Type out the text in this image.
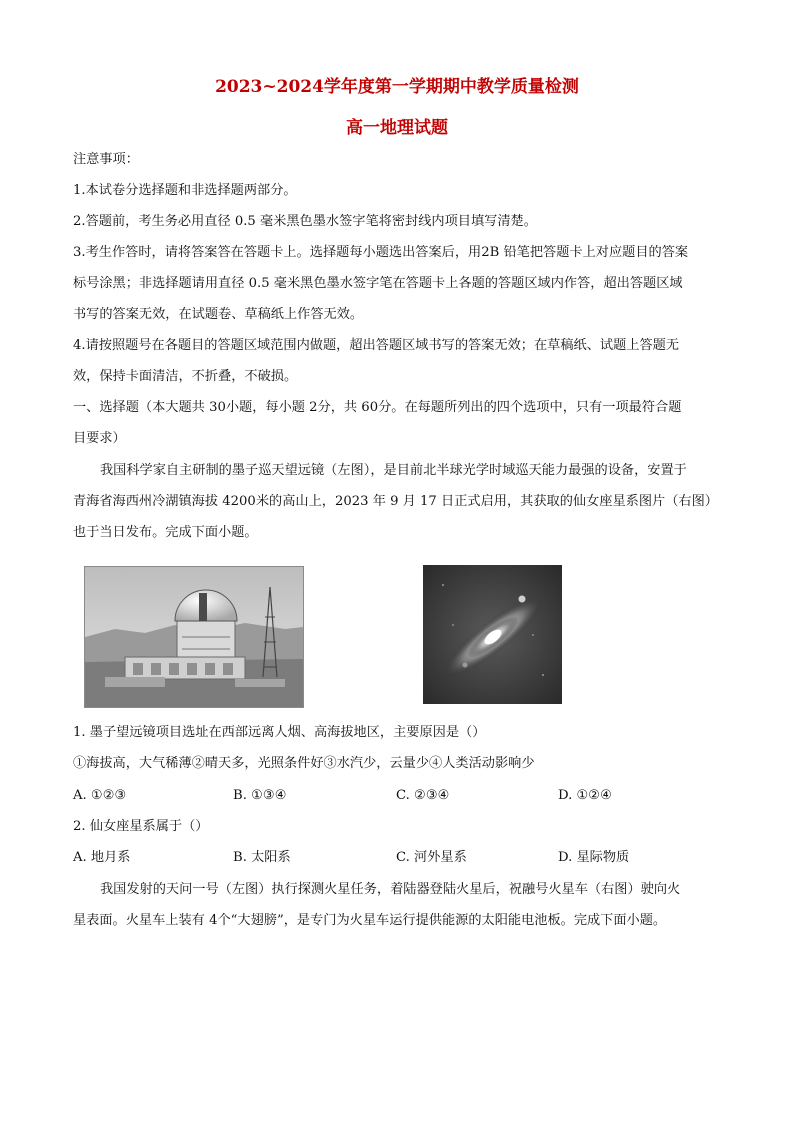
2023~2024学年度第一学期期中教学质量检测
高一地理试题
注意事项：
1.本试卷分选择题和非选择题两部分。
2.答题前，考生务必用直径 0.5 毫米黑色墨水签字笔将密封线内项目填写清楚。
3.考生作答时，请将答案答在答题卡上。选择题每小题选出答案后，用2B 铅笔把答题卡上对应题目的答案
标号涂黑；非选择题请用直径 0.5 毫米黑色墨水签字笔在答题卡上各题的答题区域内作答，超出答题区域
书写的答案无效，在试题卷、草稿纸上作答无效。
4.请按照题号在各题目的答题区域范围内做题，超出答题区域书写的答案无效；在草稿纸、试题上答题无
效，保持卡面清洁，不折叠，不破损。
一、选择题（本大题共 30小题，每小题 2分，共 60分。在每题所列出的四个选项中，只有一项最符合题
目要求）
我国科学家自主研制的墨子巡天望远镜（左图），是目前北半球光学时域巡天能力最强的设备，安置于
青海省海西州冷湖镇海拔 4200米的高山上，2023 年 9 月 17 日正式启用，其获取的仙女座星系图片（右图）
也于当日发布。完成下面小题。
1. 墨子望远镜项目选址在西部远离人烟、高海拔地区，主要原因是（）
①海拔高，大气稀薄②晴天多，光照条件好③水汽少，云量少④人类活动影响少
A. ①②③	B. ①③④	C. ②③④	D. ①②④
2. 仙女座星系属于（）
A. 地月系	B. 太阳系	C. 河外星系	D. 星际物质
我国发射的天问一号（左图）执行探测火星任务，着陆器登陆火星后，祝融号火星车（右图）驶向火
星表面。火星车上装有 4个“大翅膀”，是专门为火星车运行提供能源的太阳能电池板。完成下面小题。
